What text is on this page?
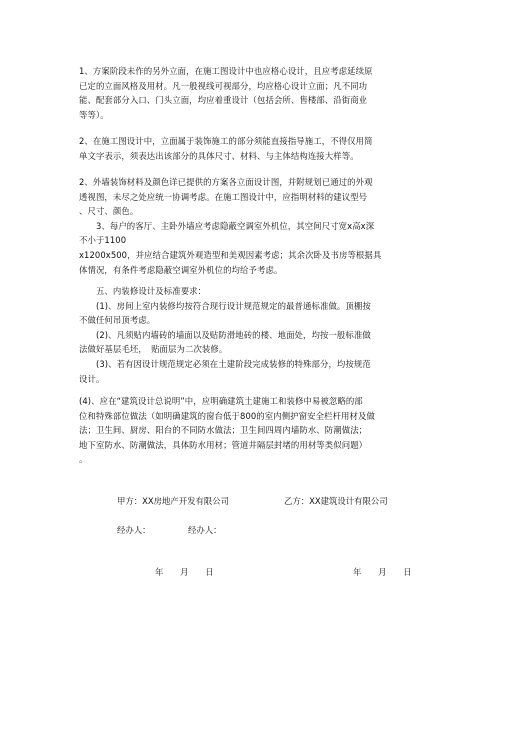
1、方案阶段未作的另外立面，在施工图设计中也应格心设计，且应考虑延续原
已定的立面风格及用材。凡一般视线可视部分，均应格心设计立面；凡不同功
能、配套部分入口、门头立面，均应着重设计（包括会所、售楼部、沿街商业
等等）。

2、在施工图设计中，立面属于装饰施工的部分须能直接指导施工，不得仅用简
单文字表示，须表达出该部分的具体尺寸、材料、与主体结构连接大样等。

2、外墙装饰材料及颜色详已提供的方案各立面设计图，并附规划已通过的外观
透视图，未尽之处应统一协调考虑。在施工图设计中，应指明材料的建议型号
、尺寸、颜色。
　　3、每户的客厅、主卧外墙应考虑隐蔽空调室外机位，其空间尺寸宽x高x深
不小于1100
x1200x500，并应结合建筑外观造型和美观因素考虑；其余次卧及书房等根据具
体情况，有条件考虑隐蔽空调室外机位的均给予考虑。

　　五、内装修设计及标准要求：
　　(1)、房间上室内装修均按符合现行设计规范规定的最普通标准做。顶棚按
不做任何吊顶考虑。
　　(2)、凡须贴内墙砖的墙面以及贴防滑地砖的楼、地面处，均按一般标准做
法做好基层毛坯，　贴面层为二次装修。
　　(3)、若有因设计规范规定必须在土建阶段完成装修的特殊部分，均按规范
设计。

(4)、应在“建筑设计总说明”中，应明确建筑土建施工和装修中易被忽略的部
位和特殊部位做法（如明确建筑的窗台低于800的室内侧护窗安全栏杆用材及做
法；卫生间、厨房、阳台的不同防水做法；卫生间四周内墙防水、防潮做法；
地下室防水、防潮做法，具体防水用材；管道井隔层封堵的用材等类似问题）
。

甲方：XX房地产开发有限公司	乙方：XX建筑设计有限公司
经办人：	经办人：
年　　月　　日	年　　月　　日
